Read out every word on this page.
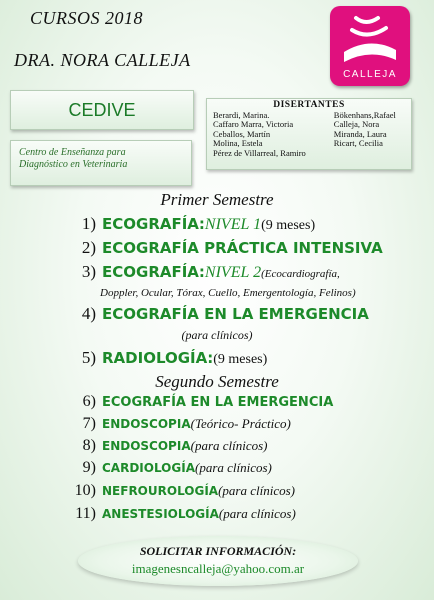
CURSOS 2018
DRA. NORA CALLEJA
CALLEJA
CEDIVE
Centro de Enseñanza para
Diagnóstico en Veterinaria
DISERTANTES
Berardi, Marina.
Caffaro Marra, Victoria
Ceballos, Martín
Molina, Estela
Pérez de Villarreal, Ramiro
Bökenhans,Rafael
Calleja, Nora
Miranda, Laura
Ricart, Cecilia
Primer Semestre
1) ECOGRAFÍA : NIVEL 1 (9 meses)
2) ECOGRAFÍA PRÁCTICA INTENSIVA
3) ECOGRAFÍA : NIVEL 2 (Ecocardiografía,
Doppler, Ocular, Tórax, Cuello, Emergentología, Felinos)
4) ECOGRAFÍA EN LA EMERGENCIA
(para clínicos)
5) RADIOLOGÍA : (9 meses)
Segundo Semestre
6) ECOGRAFÍA EN LA EMERGENCIA
7) ENDOSCOPIA (Teórico- Práctico)
8) ENDOSCOPIA (para clínicos)
9) CARDIOLOGÍA (para clínicos)
10) NEFROUROLOGÍA (para clínicos)
11) ANESTESIOLOGÍA (para clínicos)
SOLICITAR INFORMACIÓN:
imagenesncalleja@yahoo.com.ar
